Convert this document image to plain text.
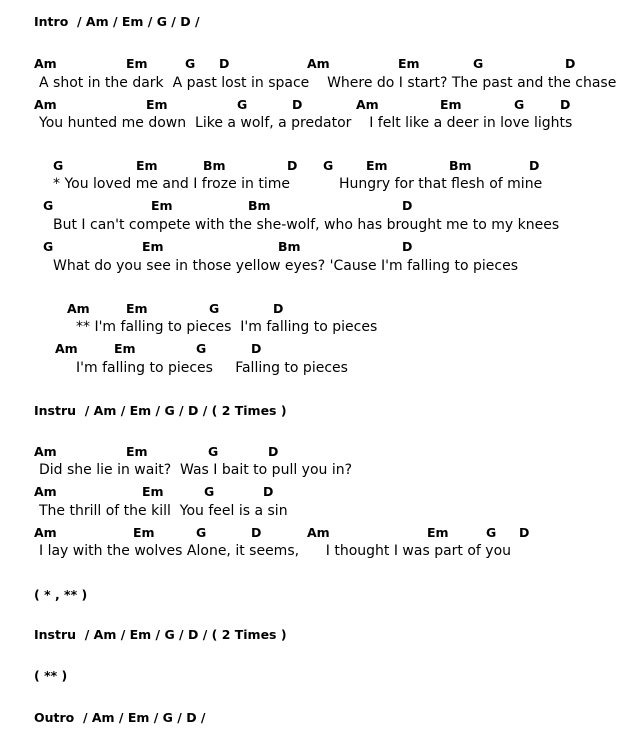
Intro  / Am / Em / G / D /
Am	Em	G D	Am	Em	G	D
A shot in the dark  A past lost in space    Where do I start? The past and the chase
Am	Em	G	D	Am	Em	G	D
You hunted me down  Like a wolf, a predator    I felt like a deer in love lights
G	Em	Bm	D G	Em	Bm	D
* You loved me and I froze in time           Hungry for that flesh of mine
G	Em	Bm	D
But I can't compete with the she-wolf, who has brought me to my knees
G	Em	Bm	D
What do you see in those yellow eyes? 'Cause I'm falling to pieces
Am	Em	G	D
** I'm falling to pieces  I'm falling to pieces
Am	Em	G	D
I'm falling to pieces     Falling to pieces
Instru  / Am / Em / G / D / ( 2 Times )
Am	Em	G	D
Did she lie in wait?  Was I bait to pull you in?
Am	Em	G	D
The thrill of the kill  You feel is a sin
Am	Em	G	D	Am	Em	G D
I lay with the wolves Alone, it seems,      I thought I was part of you
( * , ** )
Instru  / Am / Em / G / D / ( 2 Times )
( ** )
Outro  / Am / Em / G / D /
